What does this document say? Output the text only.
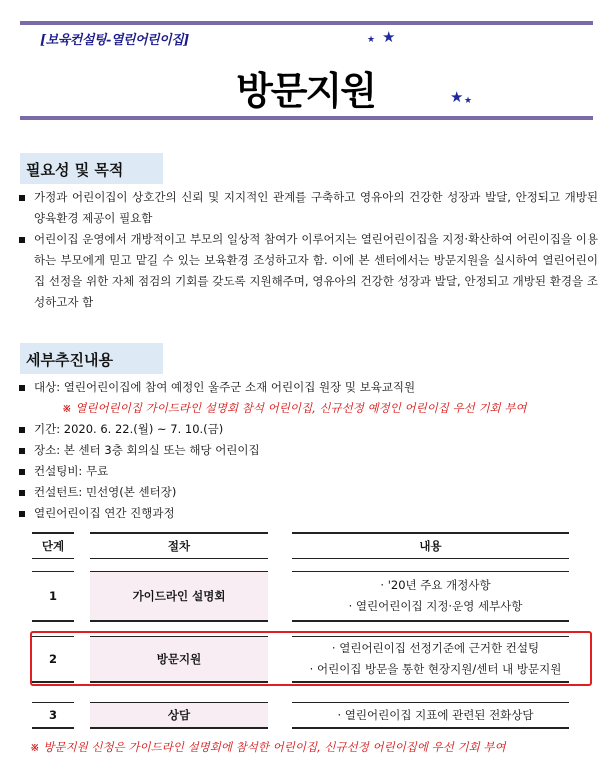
[보육컨설팅-열린어린이집]	★ ★
방문지원	★ ★
필요성 및 목적
가정과 어린이집이 상호간의 신뢰 및 지지적인 관계를 구축하고 영유아의 건강한 성장과 발달, 안정되고 개방된 양육환경 제공이 필요함
어린이집 운영에서 개방적이고 부모의 일상적 참여가 이루어지는 열린어린이집을 지정·확산하여 어린이집을 이용하는 부모에게 믿고 맡길 수 있는 보육환경 조성하고자 함. 이에 본 센터에서는 방문지원을 실시하여 열린어린이집 선정을 위한 자체 점검의 기회를 갖도록 지원해주며, 영유아의 건강한 성장과 발달, 안정되고 개방된 환경을 조성하고자 함
세부추진내용
대상: 열린어린이집에 참여 예정인 울주군 소재 어린이집 원장 및 보육교직원
※ 열린어린이집 가이드라인 설명회 참석 어린이집, 신규선정 예정인 어린이집 우선 기회 부여
기간: 2020. 6. 22.(월) ~ 7. 10.(금)
장소: 본 센터 3층 회의실 또는 해당 어린이집
컨설팅비: 무료
컨설턴트: 민선영(본 센터장)
열린어린이집 연간 진행과정
단계	절차	내용
1	가이드라인 설명회
· '20년 주요 개정사항
· 열린어린이집 지정·운영 세부사항
2	방문지원
· 열린어린이집 선정기준에 근거한 컨설팅
· 어린이집 방문을 통한 현장지원/센터 내 방문지원
3	상담
·	열린어린이집 지표에 관련된 전화상담
※ 방문지원 신청은 가이드라인 설명회에 참석한 어린이집, 신규선정 어린이집에 우선 기회 부여
